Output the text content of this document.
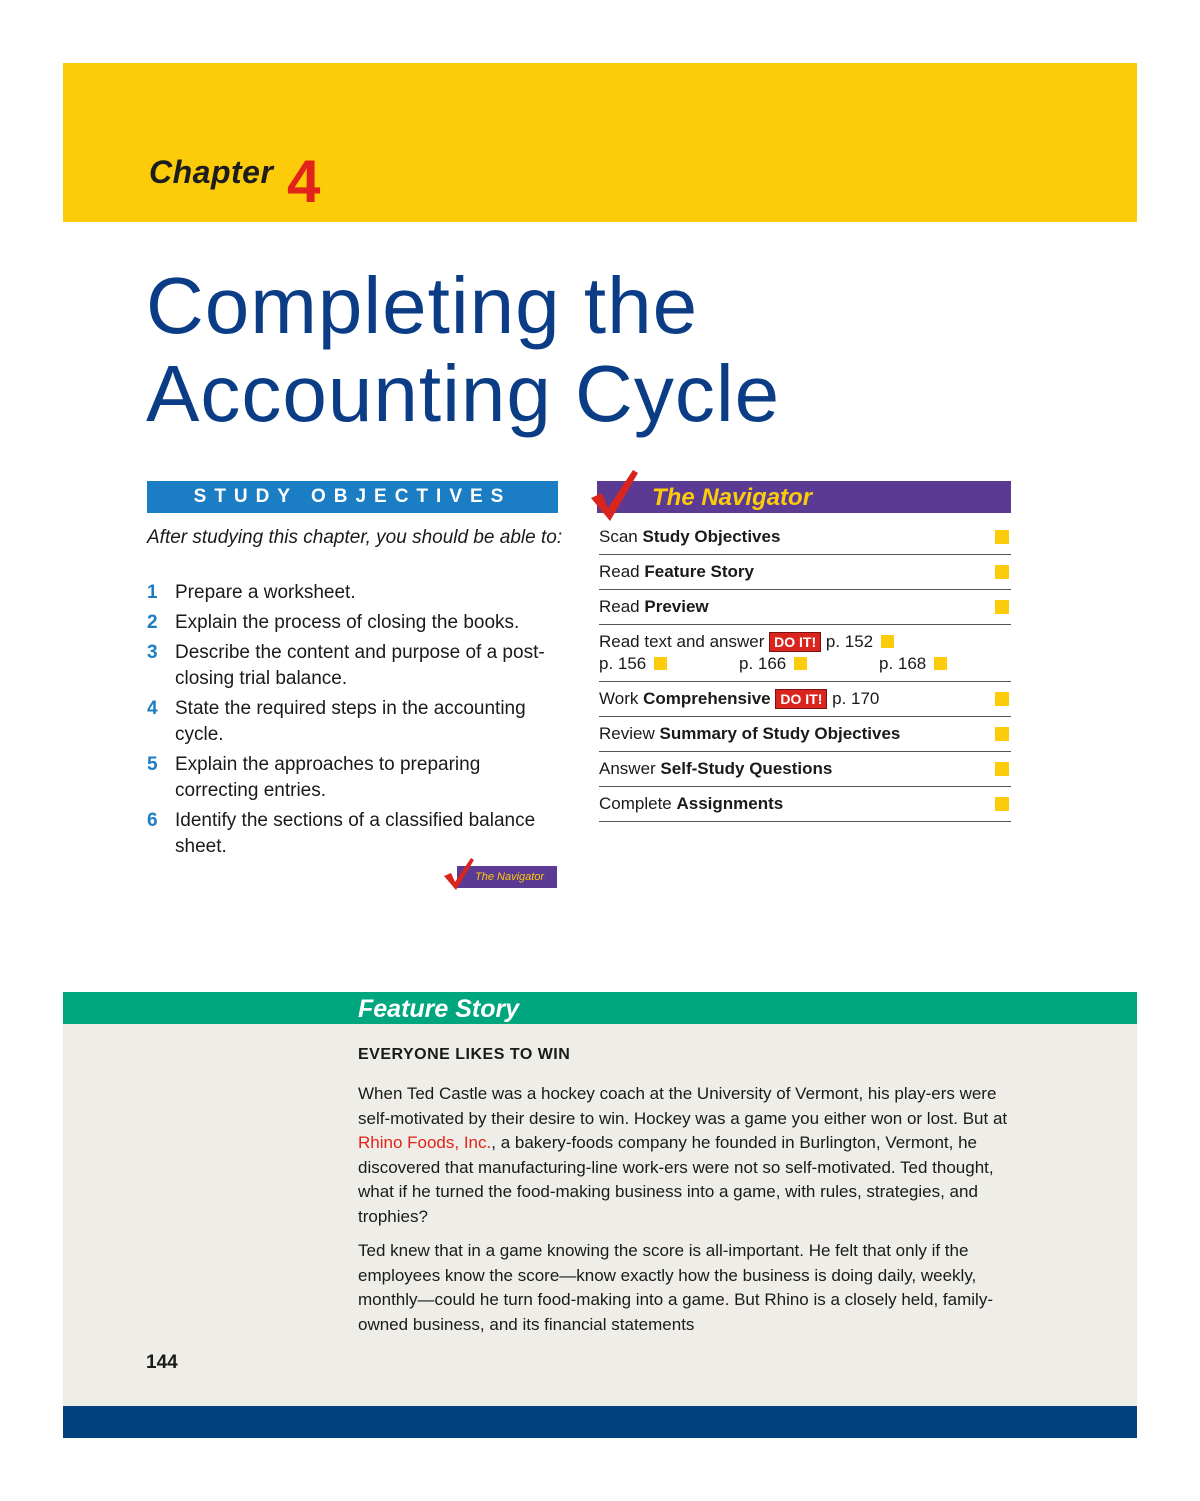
Chapter 4
Completing the
Accounting Cycle
STUDY OBJECTIVES
After studying this chapter, you should be able to:
1 Prepare a worksheet.
2 Explain the process of closing the books.
3 Describe the content and purpose of a post-closing trial balance.
4 State the required steps in the accounting cycle.
5 Explain the approaches to preparing correcting entries.
6 Identify the sections of a classified balance sheet.
The Navigator
The Navigator
Scan Study Objectives
Read Feature Story
Read Preview
Read text and answer DO IT! p. 152
p. 156	p. 166	p. 168
Work Comprehensive DO IT! p. 170
Review Summary of Study Objectives
Answer Self-Study Questions
Complete Assignments
Feature Story
EVERYONE LIKES TO WIN

When Ted Castle was a hockey coach at the University of Vermont, his play-ers were self-motivated by their desire to win. Hockey was a game you either won or lost. But at Rhino Foods, Inc., a bakery-foods company he founded in Burlington, Vermont, he discovered that manufacturing-line work-ers were not so self-motivated. Ted thought, what if he turned the food-making business into a game, with rules, strategies, and trophies?

Ted knew that in a game knowing the score is all-important. He felt that only if the employees know the score—know exactly how the business is doing daily, weekly, monthly—could he turn food-making into a game. But Rhino is a closely held, family-owned business, and its financial statements

144
